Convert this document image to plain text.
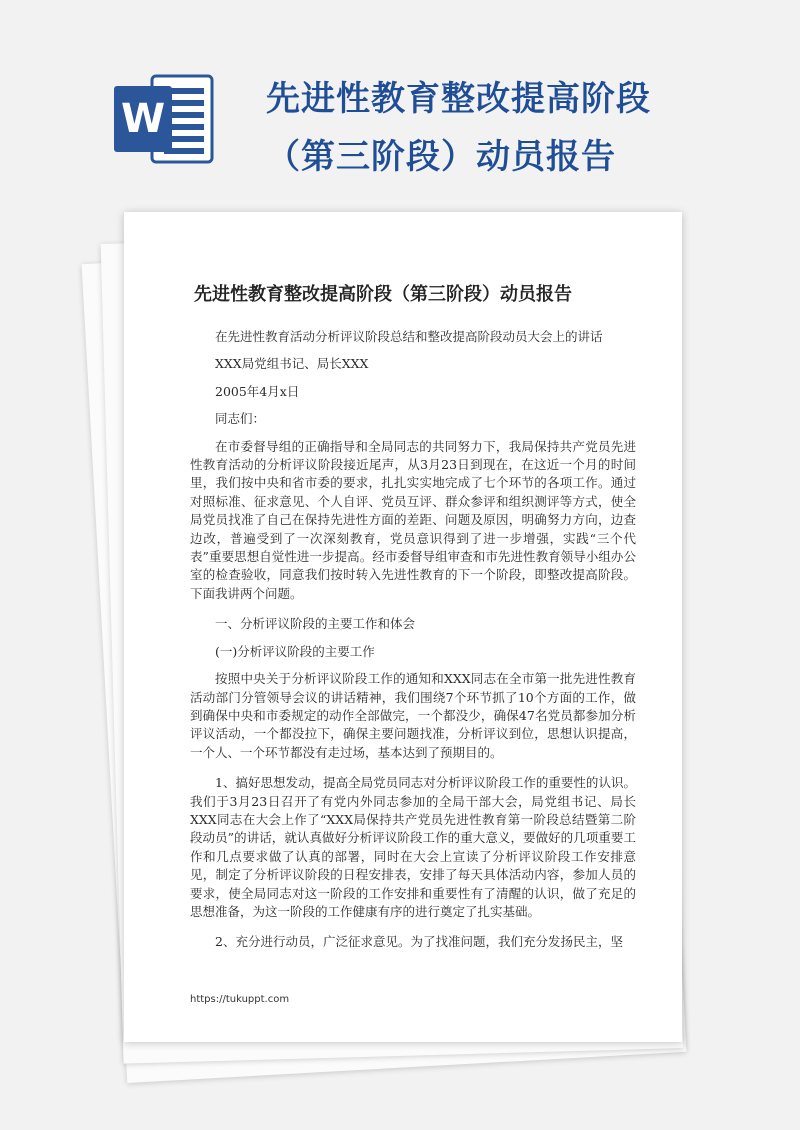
W	先进性教育整改提高阶段（第三阶段）动员报告
先进性教育整改提高阶段（第三阶段）动员报告

在先进性教育活动分析评议阶段总结和整改提高阶段动员大会上的讲话

XXX局党组书记、局长XXX

2005年4月x日

同志们：

在市委督导组的正确指导和全局同志的共同努力下，我局保持共产党员先进性教育活动的分析评议阶段接近尾声，从3月23日到现在，在这近一个月的时间里，我们按中央和省市委的要求，扎扎实实地完成了七个环节的各项工作。通过对照标准、征求意见、个人自评、党员互评、群众参评和组织测评等方式，使全局党员找准了自己在保持先进性方面的差距、问题及原因，明确努力方向，边查边改，普遍受到了一次深刻教育，党员意识得到了进一步增强，实践“三个代表”重要思想自觉性进一步提高。经市委督导组审查和市先进性教育领导小组办公室的检查验收，同意我们按时转入先进性教育的下一个阶段，即整改提高阶段。下面我讲两个问题。

一、分析评议阶段的主要工作和体会

(一)分析评议阶段的主要工作

按照中央关于分析评议阶段工作的通知和XXX同志在全市第一批先进性教育活动部门分管领导会议的讲话精神，我们围绕7个环节抓了10个方面的工作，做到确保中央和市委规定的动作全部做完，一个都没少，确保47名党员都参加分析评议活动，一个都没拉下，确保主要问题找准，分析评议到位，思想认识提高，一个人、一个环节都没有走过场，基本达到了预期目的。

1、搞好思想发动，提高全局党员同志对分析评议阶段工作的重要性的认识。我们于3月23日召开了有党内外同志参加的全局干部大会，局党组书记、局长XXX同志在大会上作了“XXX局保持共产党员先进性教育第一阶段总结暨第二阶段动员”的讲话，就认真做好分析评议阶段工作的重大意义，要做好的几项重要工作和几点要求做了认真的部署，同时在大会上宣读了分析评议阶段工作安排意见，制定了分析评议阶段的日程安排表，安排了每天具体活动内容，参加人员的要求，使全局同志对这一阶段的工作安排和重要性有了清醒的认识，做了充足的思想准备，为这一阶段的工作健康有序的进行奠定了扎实基础。

2、充分进行动员，广泛征求意见。为了找准问题，我们充分发扬民主，坚

https://tukuppt.com
